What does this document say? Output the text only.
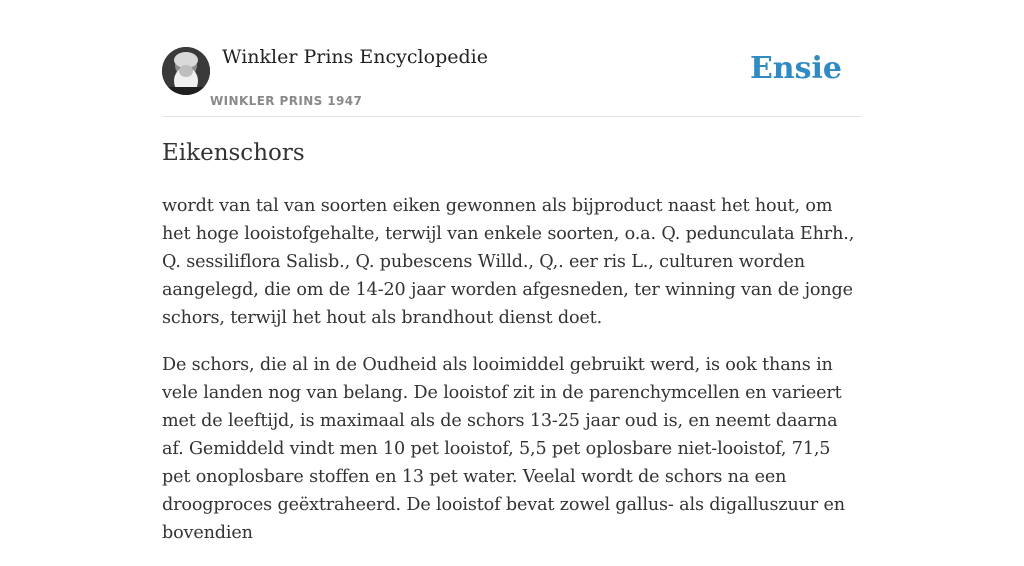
Winkler Prins Encyclopedie
WINKLER PRINS 1947
Ensie
Eikenschors

wordt van tal van soorten eiken gewonnen als bijproduct naast het hout, om het hoge looistofgehalte, terwijl van enkele soorten, o.a. Q. pedunculata Ehrh., Q. sessiliflora Salisb., Q. pubescens Willd., Q,. eer ris L., culturen worden aangelegd, die om de 14-20 jaar worden afgesneden, ter winning van de jonge schors, terwijl het hout als brandhout dienst doet.

De schors, die al in de Oudheid als looimiddel gebruikt werd, is ook thans in vele landen nog van belang. De looistof zit in de parenchymcellen en varieert met de leeftijd, is maximaal als de schors 13-25 jaar oud is, en neemt daarna af. Gemiddeld vindt men 10 pet looistof, 5,5 pet oplosbare niet-looistof, 71,5 pet onoplosbare stoffen en 13 pet water. Veelal wordt de schors na een droogproces geëxtraheerd. De looistof bevat zowel gallus- als digalluszuur en bovendien
